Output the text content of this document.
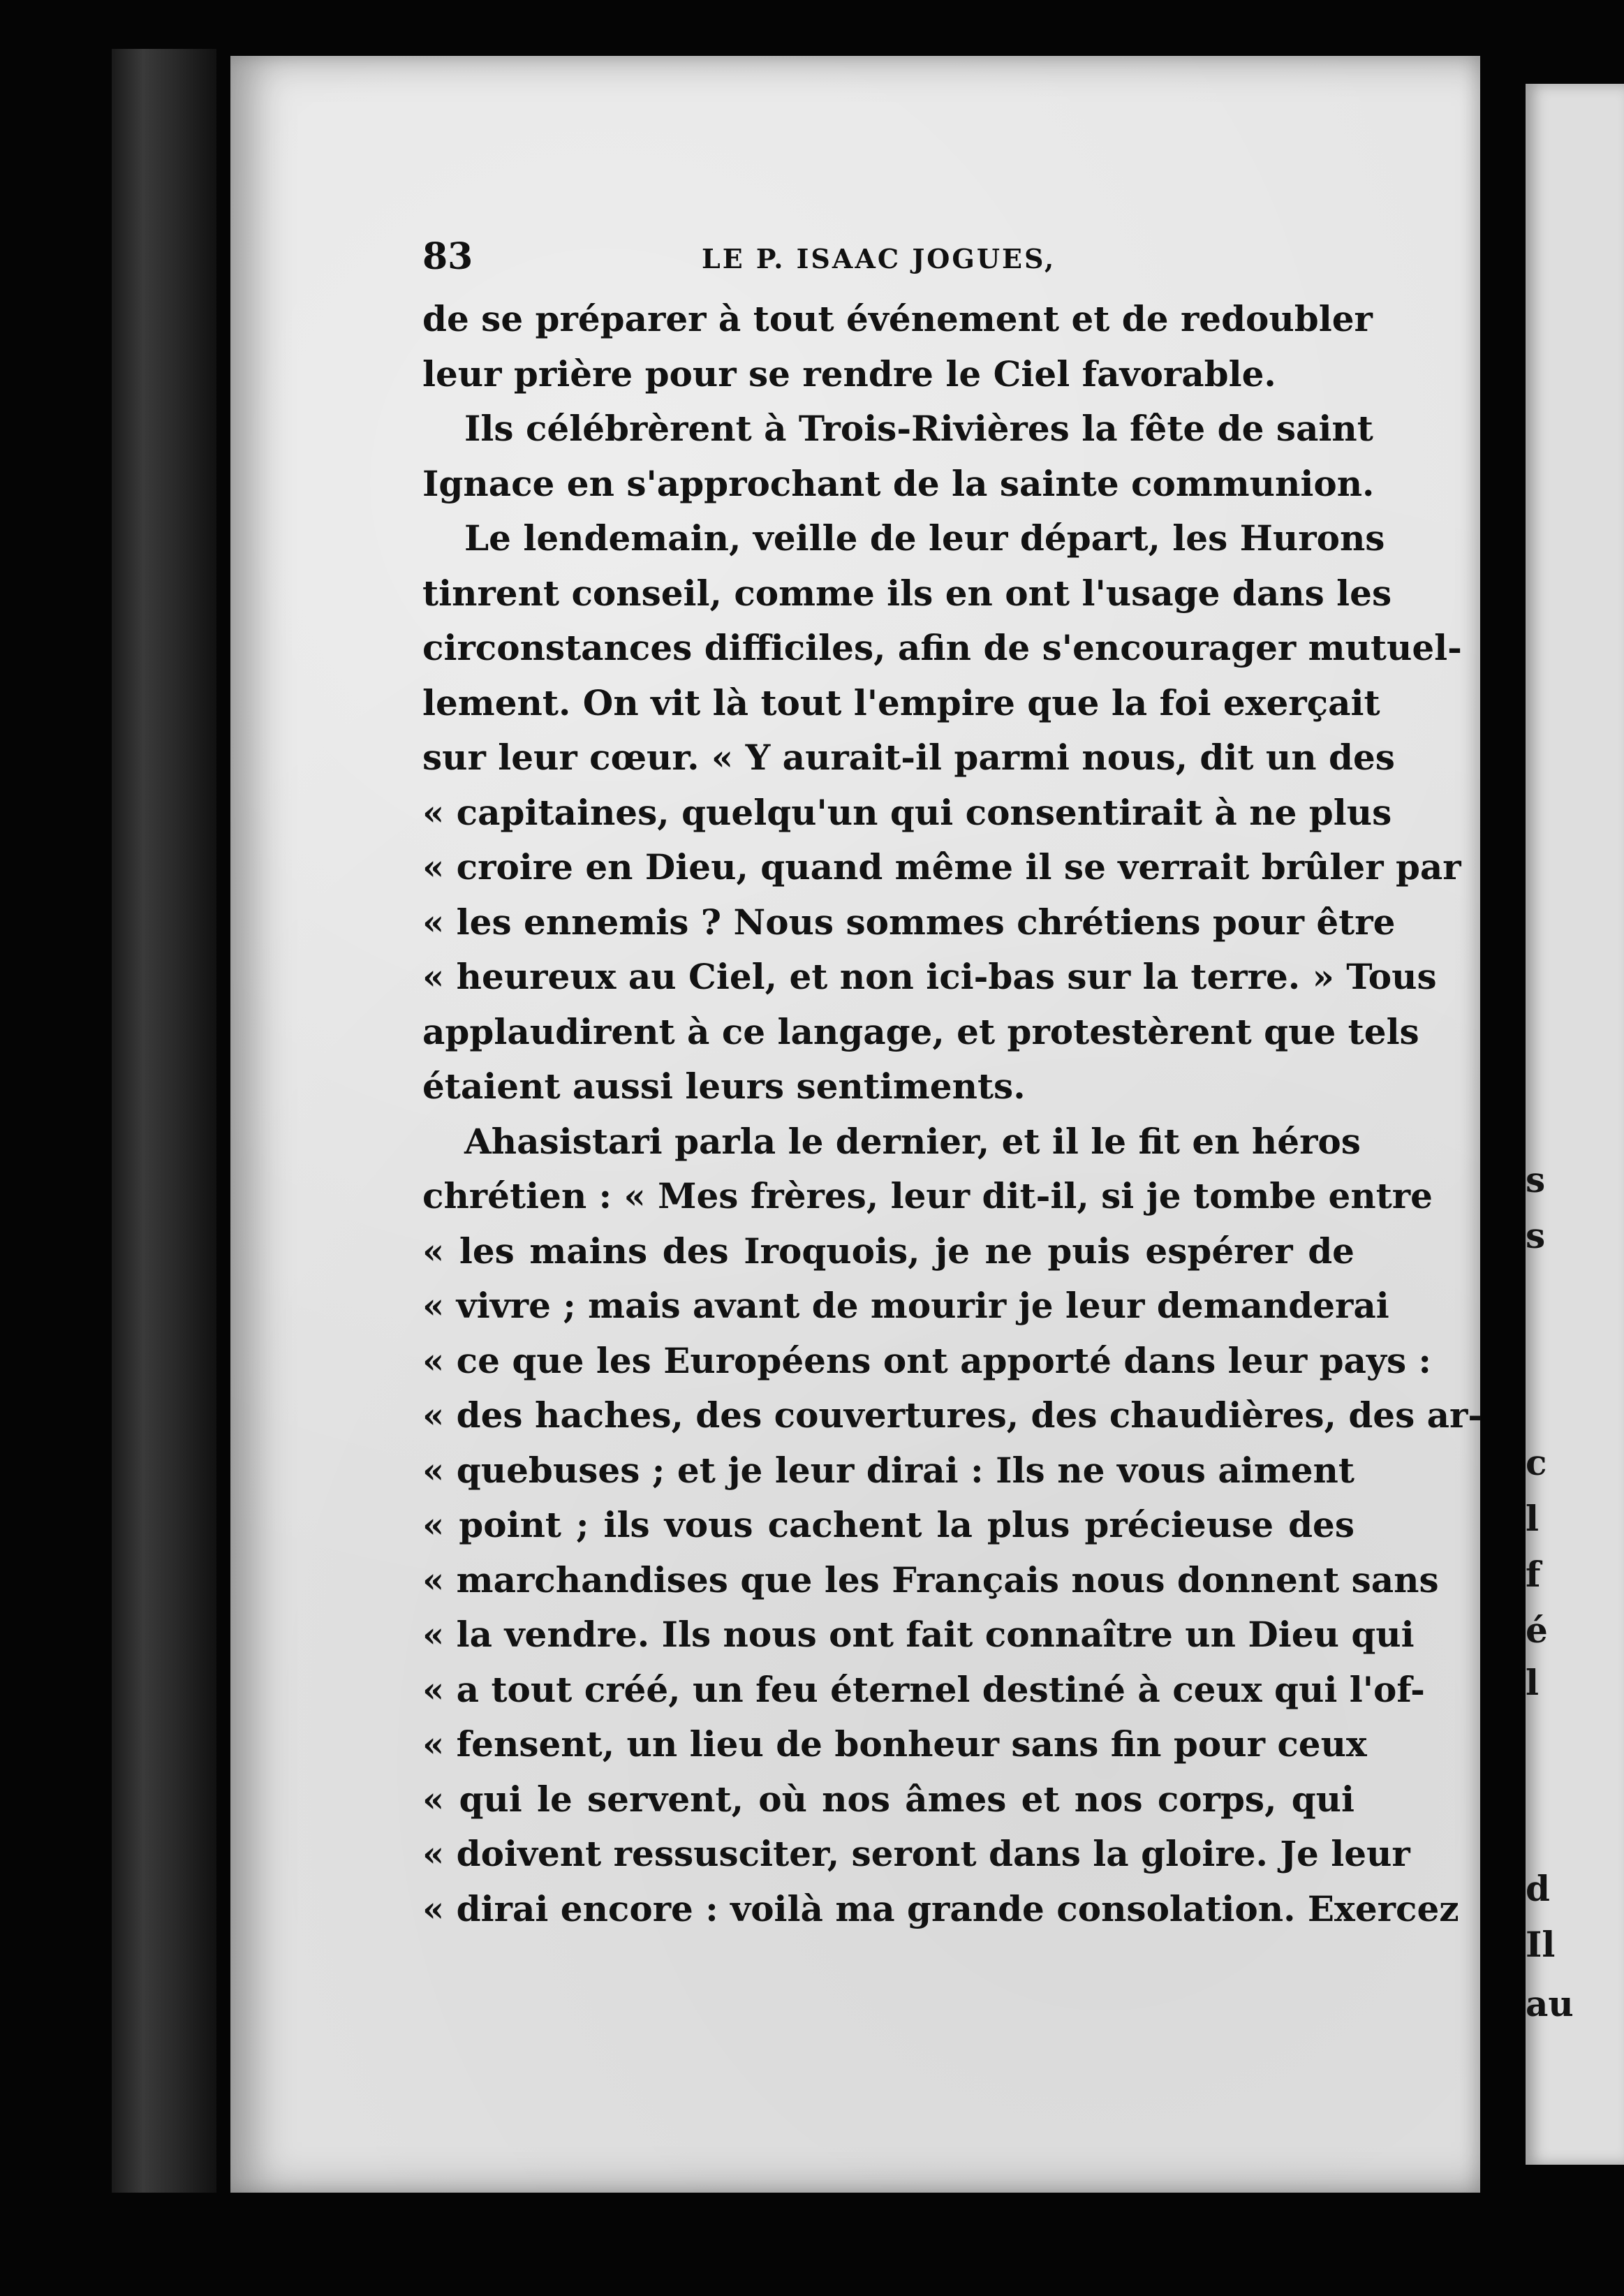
s
s
c
l
f
é
l
d
Il
au
83	LE P. ISAAC JOGUES,
de se préparer à tout événement et de redoubler
leur prière pour se rendre le Ciel favorable.
Ils célébrèrent à Trois-Rivières la fête de saint
Ignace en s'approchant de la sainte communion.
Le lendemain, veille de leur départ, les Hurons
tinrent conseil, comme ils en ont l'usage dans les
circonstances difficiles, afin de s'encourager mutuel-
lement. On vit là tout l'empire que la foi exerçait
sur leur cœur. « Y aurait-il parmi nous, dit un des
« capitaines, quelqu'un qui consentirait à ne plus
« croire en Dieu, quand même il se verrait brûler par
« les ennemis ? Nous sommes chrétiens pour être
« heureux au Ciel, et non ici-bas sur la terre. » Tous
applaudirent à ce langage, et protestèrent que tels
étaient aussi leurs sentiments.
Ahasistari parla le dernier, et il le fit en héros
chrétien : « Mes frères, leur dit-il, si je tombe entre
« les mains des Iroquois, je ne puis espérer de
« vivre ; mais avant de mourir je leur demanderai
« ce que les Européens ont apporté dans leur pays :
« des haches, des couvertures, des chaudières, des ar-
« quebuses ; et je leur dirai : Ils ne vous aiment
« point ; ils vous cachent la plus précieuse des
« marchandises que les Français nous donnent sans
« la vendre. Ils nous ont fait connaître un Dieu qui
« a tout créé, un feu éternel destiné à ceux qui l'of-
« fensent, un lieu de bonheur sans fin pour ceux
« qui le servent, où nos âmes et nos corps, qui
« doivent ressusciter, seront dans la gloire. Je leur
« dirai encore : voilà ma grande consolation. Exercez
